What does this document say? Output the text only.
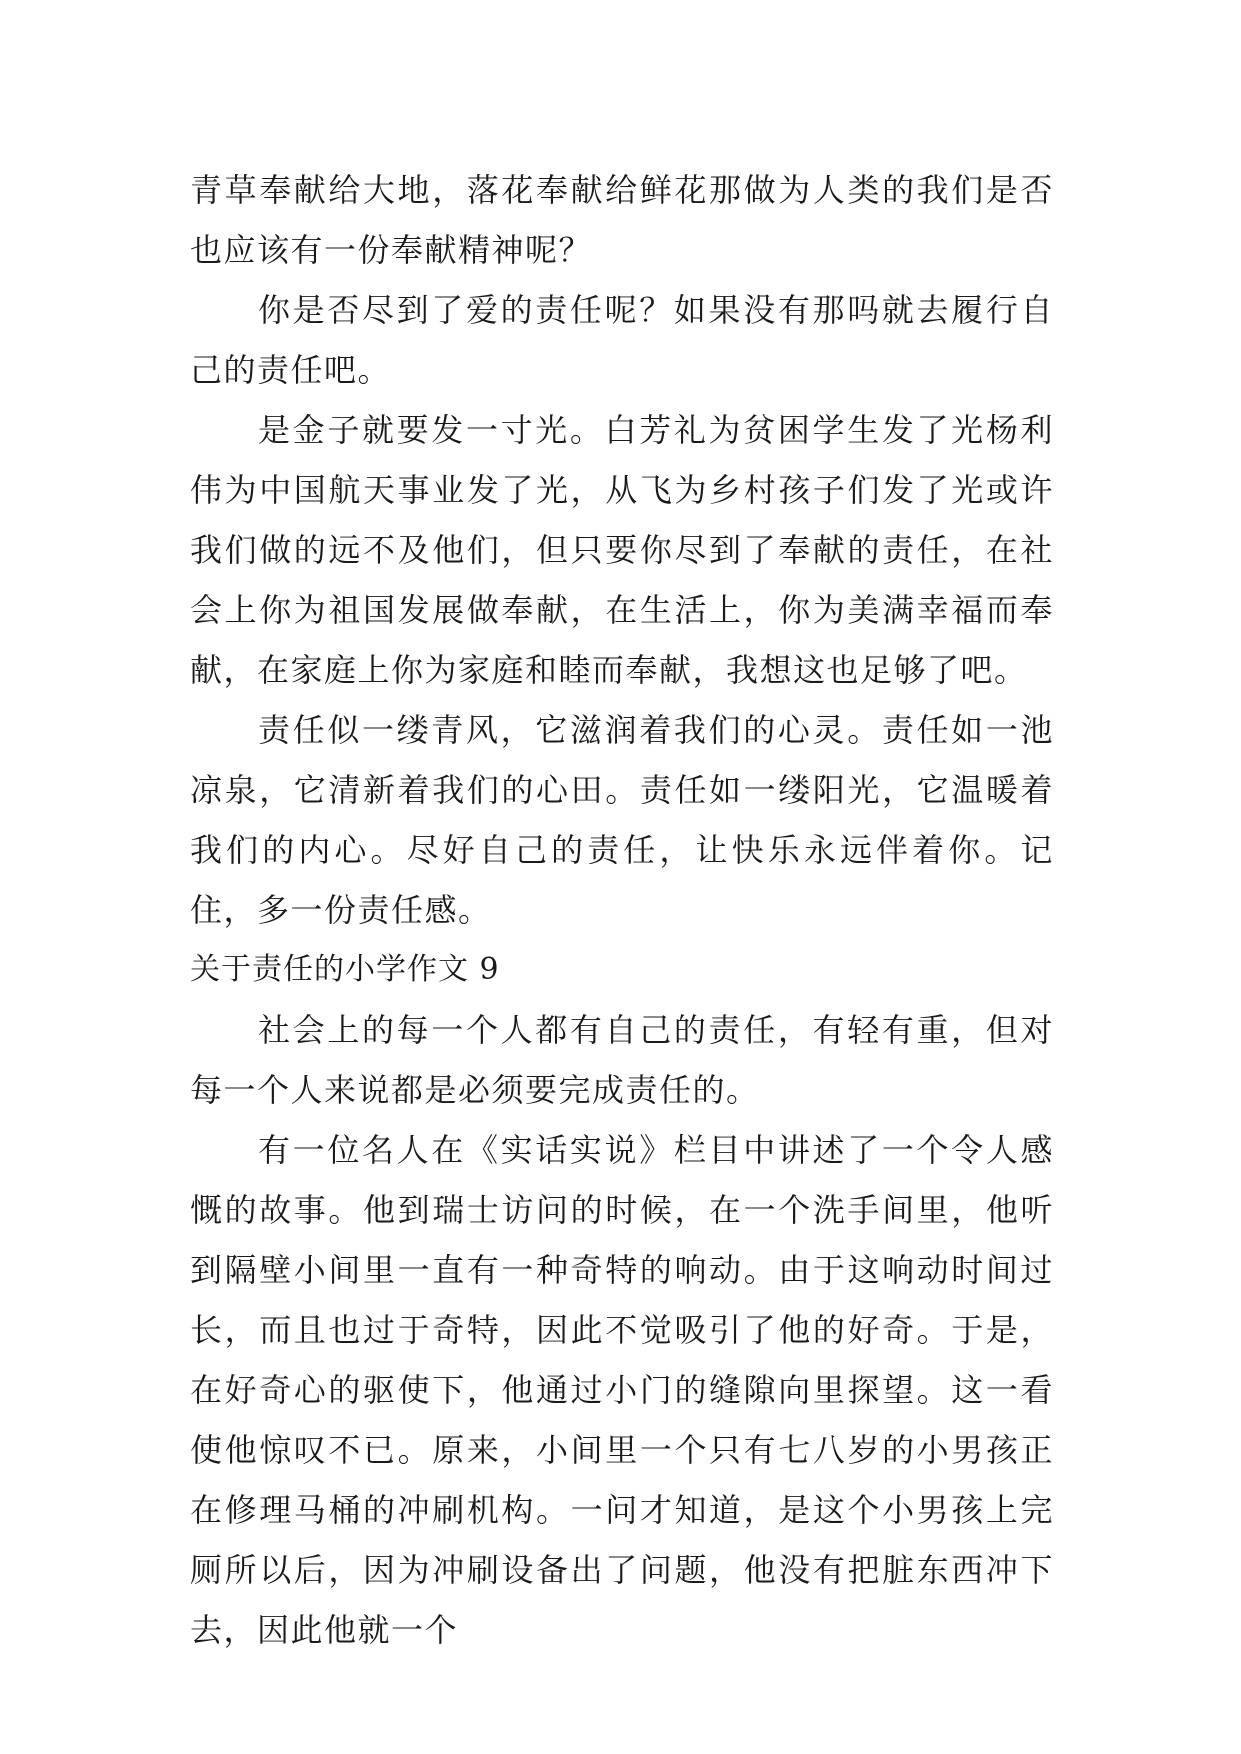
青草奉献给大地，落花奉献给鲜花那做为人类的我们是否也应该有一份奉献精神呢？

你是否尽到了爱的责任呢？如果没有那吗就去履行自己的责任吧。

是金子就要发一寸光。白芳礼为贫困学生发了光杨利伟为中国航天事业发了光，从飞为乡村孩子们发了光或许我们做的远不及他们，但只要你尽到了奉献的责任，在社会上你为祖国发展做奉献，在生活上，你为美满幸福而奉献，在家庭上你为家庭和睦而奉献，我想这也足够了吧。

责任似一缕青风，它滋润着我们的心灵。责任如一池凉泉，它清新着我们的心田。责任如一缕阳光，它温暖着我们的内心。尽好自己的责任，让快乐永远伴着你。记住，多一份责任感。

关于责任的小学作文 9

社会上的每一个人都有自己的责任，有轻有重，但对每一个人来说都是必须要完成责任的。

有一位名人在《实话实说》栏目中讲述了一个令人感慨的故事。他到瑞士访问的时候，在一个洗手间里，他听到隔壁小间里一直有一种奇特的响动。由于这响动时间过长，而且也过于奇特，因此不觉吸引了他的好奇。于是，在好奇心的驱使下，他通过小门的缝隙向里探望。这一看使他惊叹不已。原来，小间里一个只有七八岁的小男孩正在修理马桶的冲刷机构。一问才知道，是这个小男孩上完厕所以后，因为冲刷设备出了问题，他没有把脏东西冲下去，因此他就一个
